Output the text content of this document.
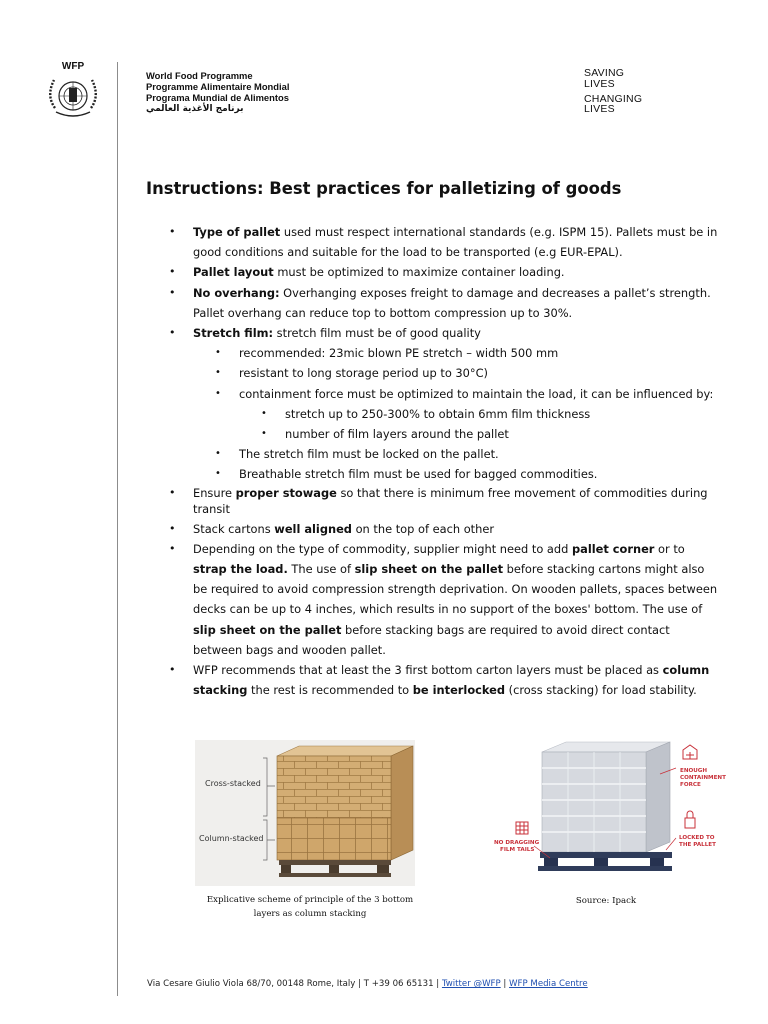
WFP
World Food Programme
Programme Alimentaire Mondial
Programa Mundial de Alimentos
برنامج الأغذية العالمي
SAVING
LIVES
CHANGING
LIVES
Instructions: Best practices for palletizing of goods
• Type of pallet used must respect international standards (e.g. ISPM 15). Pallets must be in good conditions and suitable for the load to be transported (e.g EUR-EPAL).
• Pallet layout must be optimized to maximize container loading.
• No overhang: Overhanging exposes freight to damage and decreases a pallet’s strength. Pallet overhang can reduce top to bottom compression up to 30%.
• Stretch film: stretch film must be of good quality
• recommended: 23mic blown PE stretch – width 500 mm
• resistant to long storage period up to 30°C)
• containment force must be optimized to maintain the load, it can be influenced by:
• stretch up to 250-300% to obtain 6mm film thickness
• number of film layers around the pallet
• The stretch film must be locked on the pallet.
• Breathable stretch film must be used for bagged commodities.
• Ensure proper stowage so that there is minimum free movement of commodities during transit
• Stack cartons well aligned on the top of each other
• Depending on the type of commodity, supplier might need to add pallet corner or to strap the load. The use of slip sheet on the pallet before stacking cartons might also be required to avoid compression strength deprivation. On wooden pallets, spaces between decks can be up to 4 inches, which results in no support of the boxes' bottom. The use of slip sheet on the pallet before stacking bags are required to avoid direct contact between bags and wooden pallet.
• WFP recommends that at least the 3 first bottom carton layers must be placed as column stacking the rest is recommended to be interlocked (cross stacking) for load stability.
Cross-stacked
Column-stacked
ENOUGH
CONTAINMENT
FORCE
LOCKED TO
THE PALLET
NO DRAGGING
FILM TAILS
Explicative scheme of principle of the 3 bottom
layers as column stacking
Source: Ipack
Via Cesare Giulio Viola 68/70, 00148 Rome, Italy | T +39 06 65131 | Twitter @WFP | WFP Media Centre
